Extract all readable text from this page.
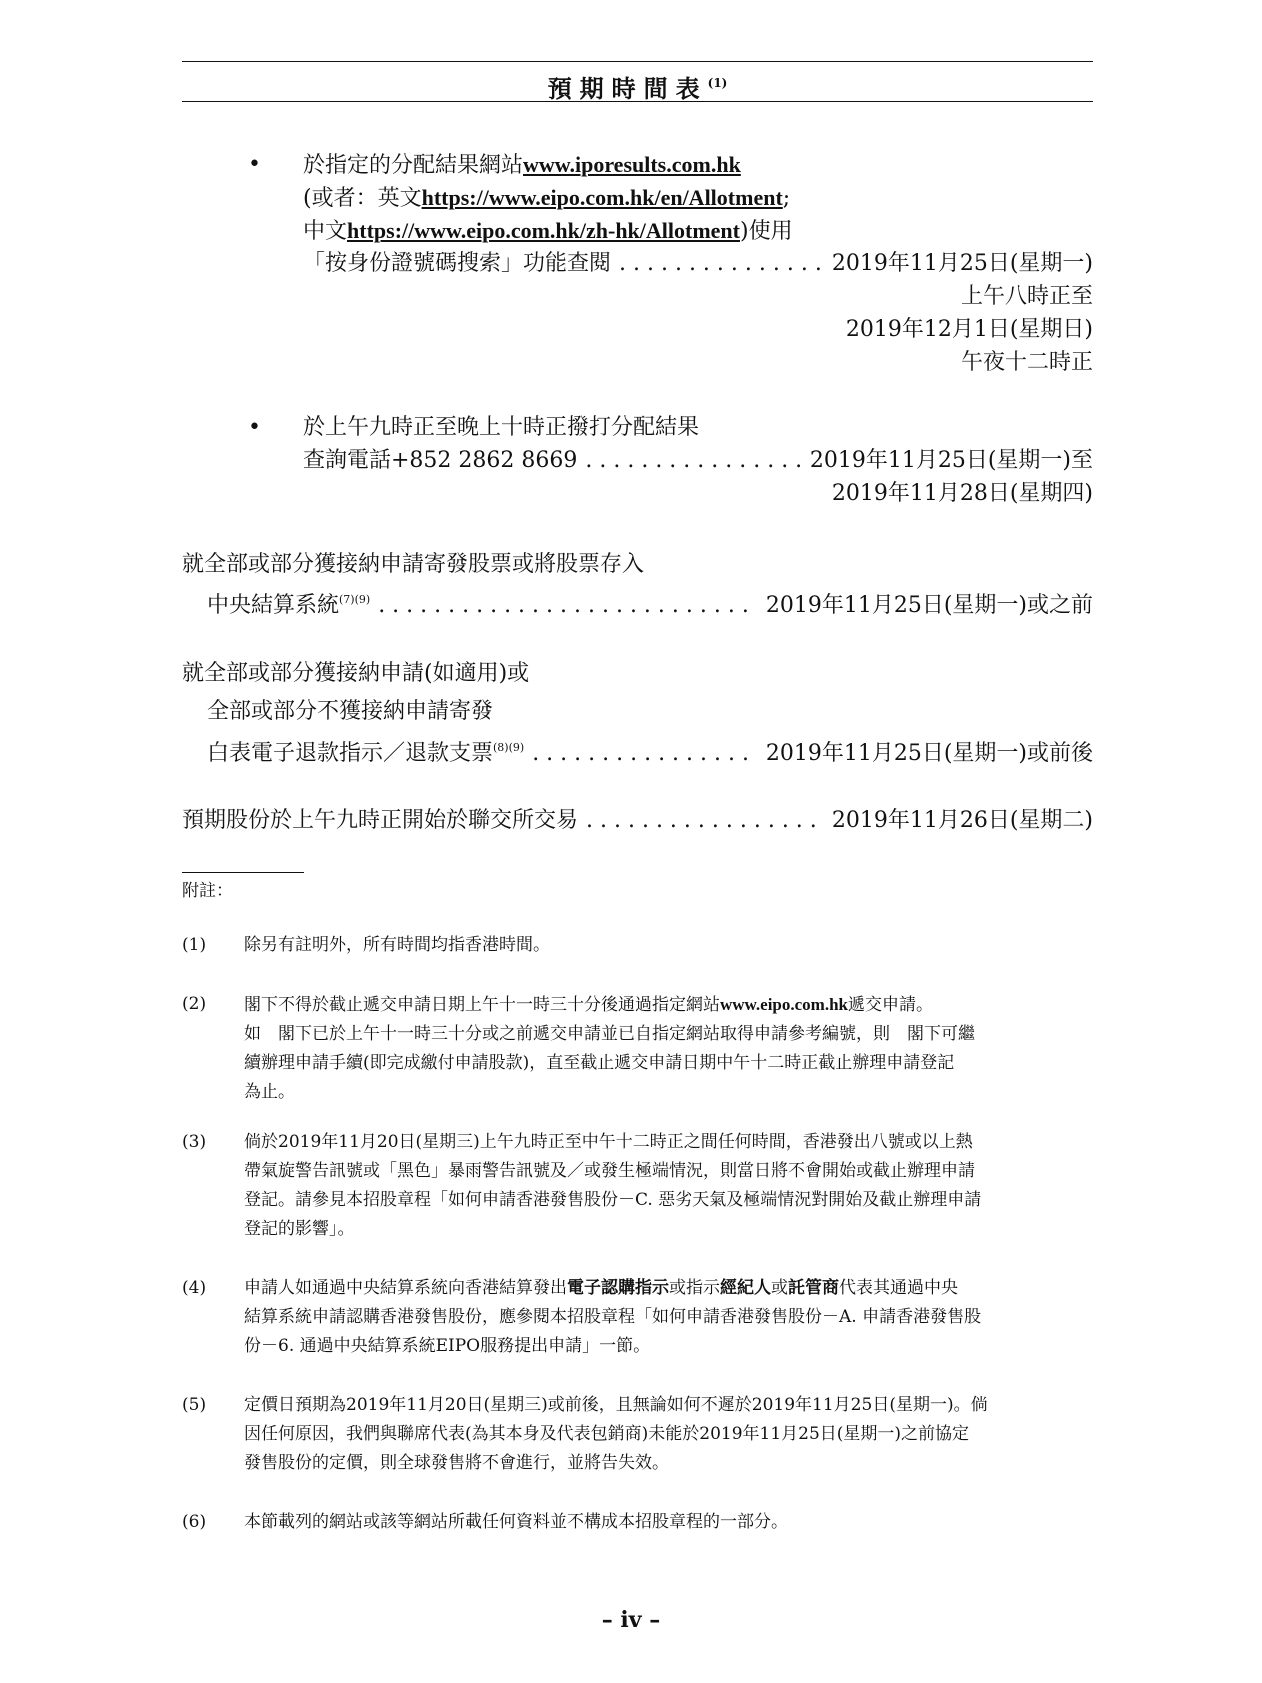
預期時間表$^{(1)}$
• 於指定的分配結果網站www.iporesults.com.hk
(或者：英文https://www.eipo.com.hk/en/Allotment;
中文https://www.eipo.com.hk/zh-hk/Allotment)使用
「按身份證號碼搜索」功能查閱 . . .	2019年11月25日(星期一)
上午八時正至
2019年12月1日(星期日)
午夜十二時正
• 於上午九時正至晚上十時正撥打分配結果
查詢電話+852 2862 8669 . . .	2019年11月25日(星期一)至
2019年11月28日(星期四)
就全部或部分獲接納申請寄發股票或將股票存入
中央結算系統$^{(7)(9)}$ . . .	2019年11月25日(星期一)或之前
就全部或部分獲接納申請(如適用)或
全部或部分不獲接納申請寄發
白表電子退款指示／退款支票$^{(8)(9)}$ . . .	2019年11月25日(星期一)或前後
預期股份於上午九時正開始於聯交所交易 . . .	2019年11月26日(星期二)
附註：
(1) 除另有註明外，所有時間均指香港時間。
(2) 閣下不得於截止遞交申請日期上午十一時三十分後通過指定網站www.eipo.com.hk遞交申請。
如　閣下已於上午十一時三十分或之前遞交申請並已自指定網站取得申請參考編號，則　閣下可繼
續辦理申請手續(即完成繳付申請股款)，直至截止遞交申請日期中午十二時正截止辦理申請登記
為止。
(3) 倘於2019年11月20日(星期三)上午九時正至中午十二時正之間任何時間，香港發出八號或以上熱
帶氣旋警告訊號或「黑色」暴雨警告訊號及／或發生極端情況，則當日將不會開始或截止辦理申請
登記。請參見本招股章程「如何申請香港發售股份－C. 惡劣天氣及極端情況對開始及截止辦理申請
登記的影響」。
(4) 申請人如通過中央結算系統向香港結算發出電子認購指示或指示經紀人或託管商代表其通過中央
結算系統申請認購香港發售股份，應參閱本招股章程「如何申請香港發售股份－A. 申請香港發售股
份－6. 通過中央結算系統EIPO服務提出申請」一節。
(5) 定價日預期為2019年11月20日(星期三)或前後，且無論如何不遲於2019年11月25日(星期一)。倘
因任何原因，我們與聯席代表(為其本身及代表包銷商)未能於2019年11月25日(星期一)之前協定
發售股份的定價，則全球發售將不會進行，並將告失效。
(6) 本節載列的網站或該等網站所載任何資料並不構成本招股章程的一部分。
– iv –
